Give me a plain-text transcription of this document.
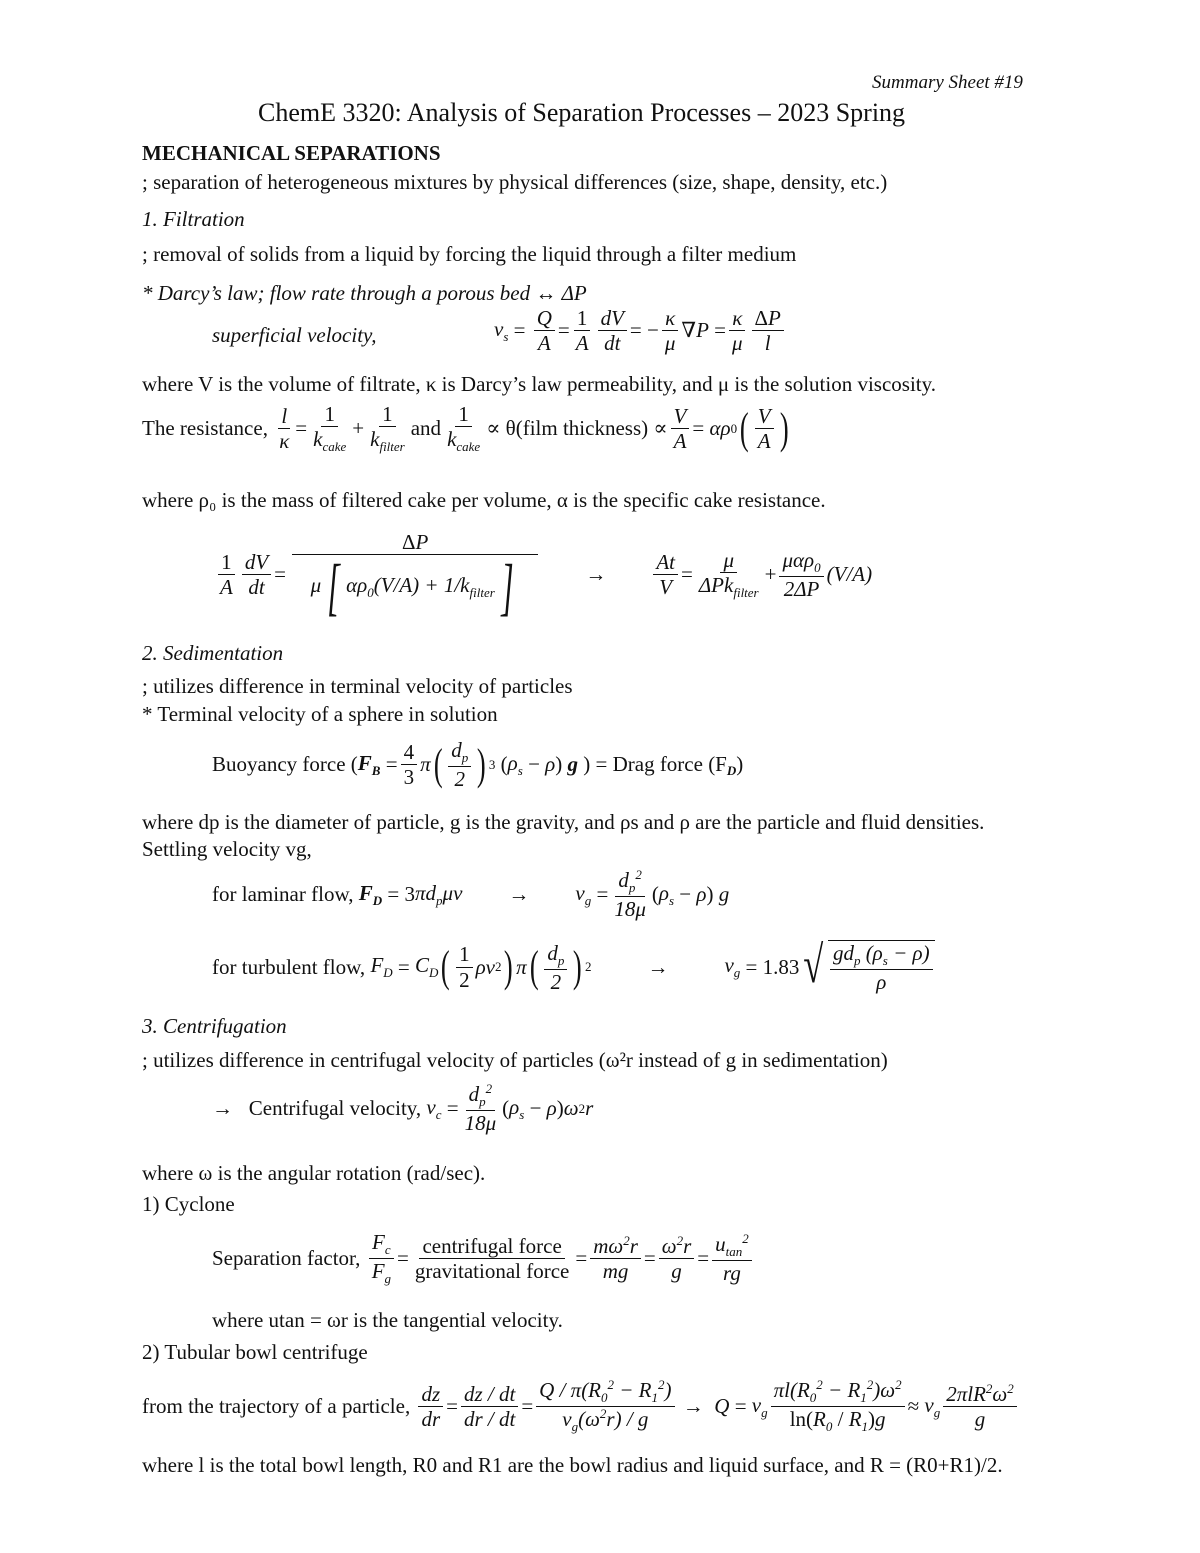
Summary Sheet #19
ChemE 3320: Analysis of Separation Processes – 2023 Spring
MECHANICAL SEPARATIONS
; separation of heterogeneous mixtures by physical differences (size, shape, density, etc.)
1. Filtration
; removal of solids from a liquid by forcing the liquid through a filter medium
* Darcy’s law; flow rate through a porous bed ↔ ΔP
superficial velocity,	$v_s = \frac{Q}{A} = \frac{1}{A} \frac{dV}{dt}$ = − $\frac{\kappa}{\mu}$ ∇ $P = \frac{\kappa}{\mu} \frac{\Delta P}{l}$
where V is the volume of filtrate, κ is Darcy’s law permeability, and μ is the solution viscosity.
The resistance,
$\frac{l}{\kappa} = \frac{1}{k_{cake}} + \frac{1}{k_{filter}}$ and $\frac{1}{k_{cake}}$ ∝ θ(film thickness) ∝ $\frac{V}{A} = \alpha\rho$ 0 ( $\frac{V}{A}$ )
where ρ₀ is the mass of filtered cake per volume, α is the specific cake resistance.
$\frac{1}{A} \frac{dV}{dt} = \frac{\Delta P}{\mu[ \alpha\rho_0(V/A) + 1/k_{filter}]} \to \frac{At}{V} = \frac{\mu}{\Delta Pk_{filter}} + \frac{\mu\alpha\rho_0}{2\Delta P} (V/A)$
2. Sedimentation
; utilizes difference in terminal velocity of particles
* Terminal velocity of a sphere in solution
Buoyancy force ( $F_B = \frac{4}{3}$ π ( $\frac{d_p}{2}$ ) 3 ( $\rho_s - \rho$ ) g
) = Drag force (F $_D$ )
where dp is the diameter of particle, g is the gravity, and ρs and ρ are the particle and fluid densities.
Settling velocity vg,
for laminar flow,
$F_D = 3$ $\pi d_p\mu v \to v_g = \frac{d_p^2}{18\mu}$ ( $\rho_s - \rho$ ) g
for turbulent flow,
$F_D = C_D$ ( $\frac{1}{2}$ ρv 2 ) π ( $\frac{d_p}{2}$ ) 2	→	$v_g = 1.83$ √ $\frac{gd_p (\rho_s - \rho)}{\rho}$
3. Centrifugation
; utilizes difference in centrifugal velocity of particles (ω²r instead of g in sedimentation)
→
Centrifugal velocity,
$v_c = \frac{d_p^2}{18\mu}$ ( $\rho_s - \rho$ ) ω 2 r
where ω is the angular rotation (rad/sec).
1) Cyclone
Separation factor,
$\frac{F_c}{F_g} = \frac{\text{centrifugal force}}{\text{gravitational force}} = \frac{m\omega^2r}{mg} = \frac{\omega^2r}{g} = \frac{u_{tan}^2}{rg}$
where utan = ωr is the tangential velocity.
2) Tubular bowl centrifuge
from the trajectory of a particle,
$\frac{dz}{dr} = \frac{dz / dt}{dr / dt} = \frac{Q / \pi(R_0^2 - R_1^2)}{v_g(\omega^2r) / g} \to Q = v_g \frac{\pi l(R_0^2 - R_1^2)\omega^2}{\ln(R_0 / R_1)g} \approx v_g \frac{2\pi lR^2\omega^2}{g}$
where l is the total bowl length, R0 and R1 are the bowl radius and liquid surface, and R = (R0+R1)/2.
